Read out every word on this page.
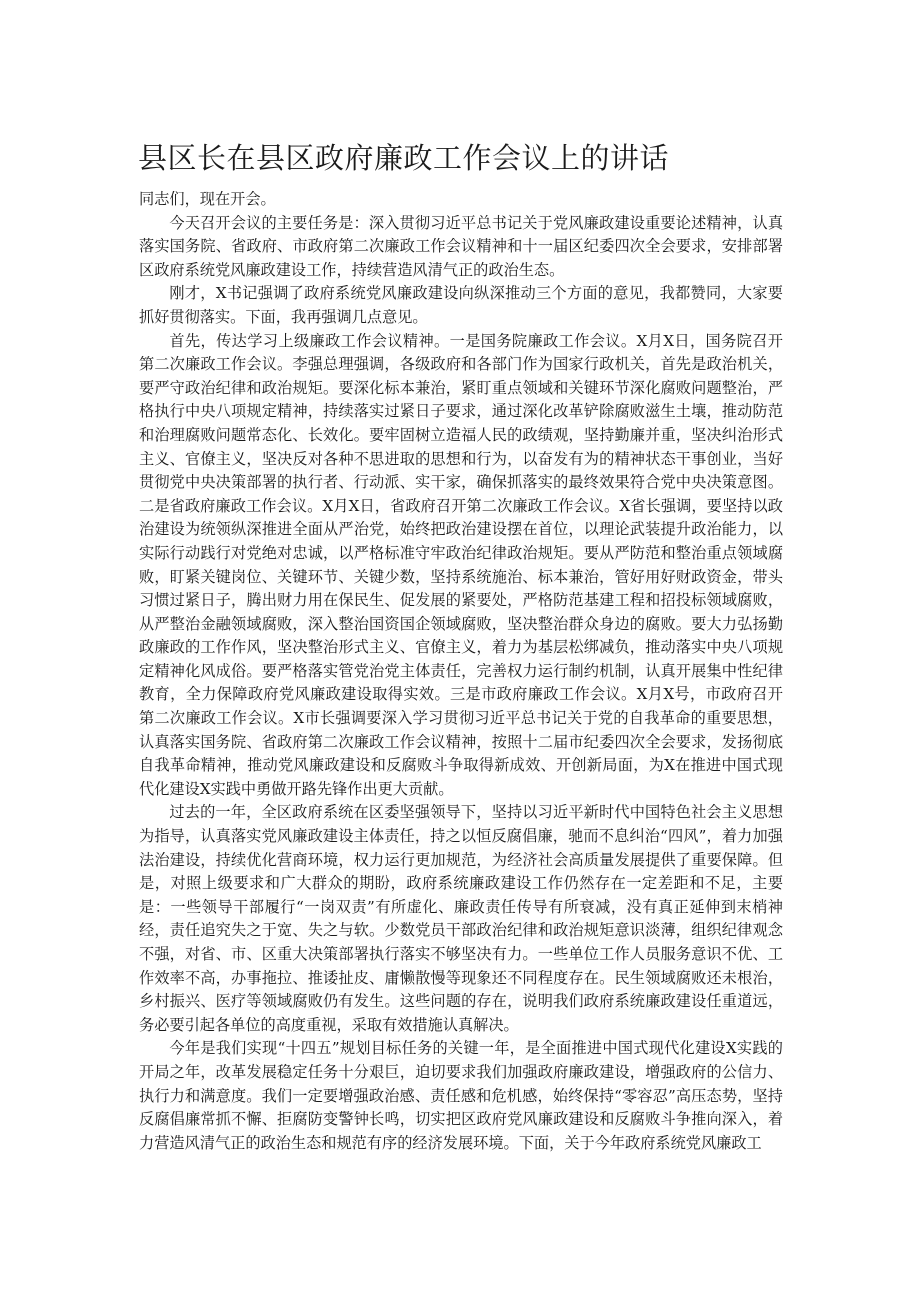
县区长在县区政府廉政工作会议上的讲话

同志们，现在开会。

今天召开会议的主要任务是：深入贯彻习近平总书记关于党风廉政建设重要论述精神，认真落实国务院、省政府、市政府第二次廉政工作会议精神和十一届区纪委四次全会要求，安排部署区政府系统党风廉政建设工作，持续营造风清气正的政治生态。

刚才，X书记强调了政府系统党风廉政建设向纵深推动三个方面的意见，我都赞同，大家要抓好贯彻落实。下面，我再强调几点意见。

首先，传达学习上级廉政工作会议精神。一是国务院廉政工作会议。X月X日，国务院召开第二次廉政工作会议。李强总理强调，各级政府和各部门作为国家行政机关，首先是政治机关，要严守政治纪律和政治规矩。要深化标本兼治，紧盯重点领域和关键环节深化腐败问题整治，严格执行中央八项规定精神，持续落实过紧日子要求，通过深化改革铲除腐败滋生土壤，推动防范和治理腐败问题常态化、长效化。要牢固树立造福人民的政绩观，坚持勤廉并重，坚决纠治形式主义、官僚主义，坚决反对各种不思进取的思想和行为，以奋发有为的精神状态干事创业，当好贯彻党中央决策部署的执行者、行动派、实干家，确保抓落实的最终效果符合党中央决策意图。二是省政府廉政工作会议。X月X日，省政府召开第二次廉政工作会议。X省长强调，要坚持以政治建设为统领纵深推进全面从严治党，始终把政治建设摆在首位，以理论武装提升政治能力，以实际行动践行对党绝对忠诚，以严格标准守牢政治纪律政治规矩。要从严防范和整治重点领域腐败，盯紧关键岗位、关键环节、关键少数，坚持系统施治、标本兼治，管好用好财政资金，带头习惯过紧日子，腾出财力用在保民生、促发展的紧要处，严格防范基建工程和招投标领域腐败，从严整治金融领域腐败，深入整治国资国企领域腐败，坚决整治群众身边的腐败。要大力弘扬勤政廉政的工作作风，坚决整治形式主义、官僚主义，着力为基层松绑减负，推动落实中央八项规定精神化风成俗。要严格落实管党治党主体责任，完善权力运行制约机制，认真开展集中性纪律教育，全力保障政府党风廉政建设取得实效。三是市政府廉政工作会议。X月X号，市政府召开第二次廉政工作会议。X市长强调要深入学习贯彻习近平总书记关于党的自我革命的重要思想，认真落实国务院、省政府第二次廉政工作会议精神，按照十二届市纪委四次全会要求，发扬彻底自我革命精神，推动党风廉政建设和反腐败斗争取得新成效、开创新局面，为X在推进中国式现代化建设X实践中勇做开路先锋作出更大贡献。

过去的一年，全区政府系统在区委坚强领导下，坚持以习近平新时代中国特色社会主义思想为指导，认真落实党风廉政建设主体责任，持之以恒反腐倡廉，驰而不息纠治“四风”，着力加强法治建设，持续优化营商环境，权力运行更加规范，为经济社会高质量发展提供了重要保障。但是，对照上级要求和广大群众的期盼，政府系统廉政建设工作仍然存在一定差距和不足，主要是：一些领导干部履行“一岗双责”有所虚化、廉政责任传导有所衰减，没有真正延伸到末梢神经，责任追究失之于宽、失之与软。少数党员干部政治纪律和政治规矩意识淡薄，组织纪律观念不强，对省、市、区重大决策部署执行落实不够坚决有力。一些单位工作人员服务意识不优、工作效率不高，办事拖拉、推诿扯皮、庸懒散慢等现象还不同程度存在。民生领域腐败还未根治，乡村振兴、医疗等领域腐败仍有发生。这些问题的存在，说明我们政府系统廉政建设任重道远，务必要引起各单位的高度重视，采取有效措施认真解决。

今年是我们实现“十四五”规划目标任务的关键一年，是全面推进中国式现代化建设X实践的开局之年，改革发展稳定任务十分艰巨，迫切要求我们加强政府廉政建设，增强政府的公信力、执行力和满意度。我们一定要增强政治感、责任感和危机感，始终保持“零容忍”高压态势，坚持反腐倡廉常抓不懈、拒腐防变警钟长鸣，切实把区政府党风廉政建设和反腐败斗争推向深入，着力营造风清气正的政治生态和规范有序的经济发展环境。下面，关于今年政府系统党风廉政工
